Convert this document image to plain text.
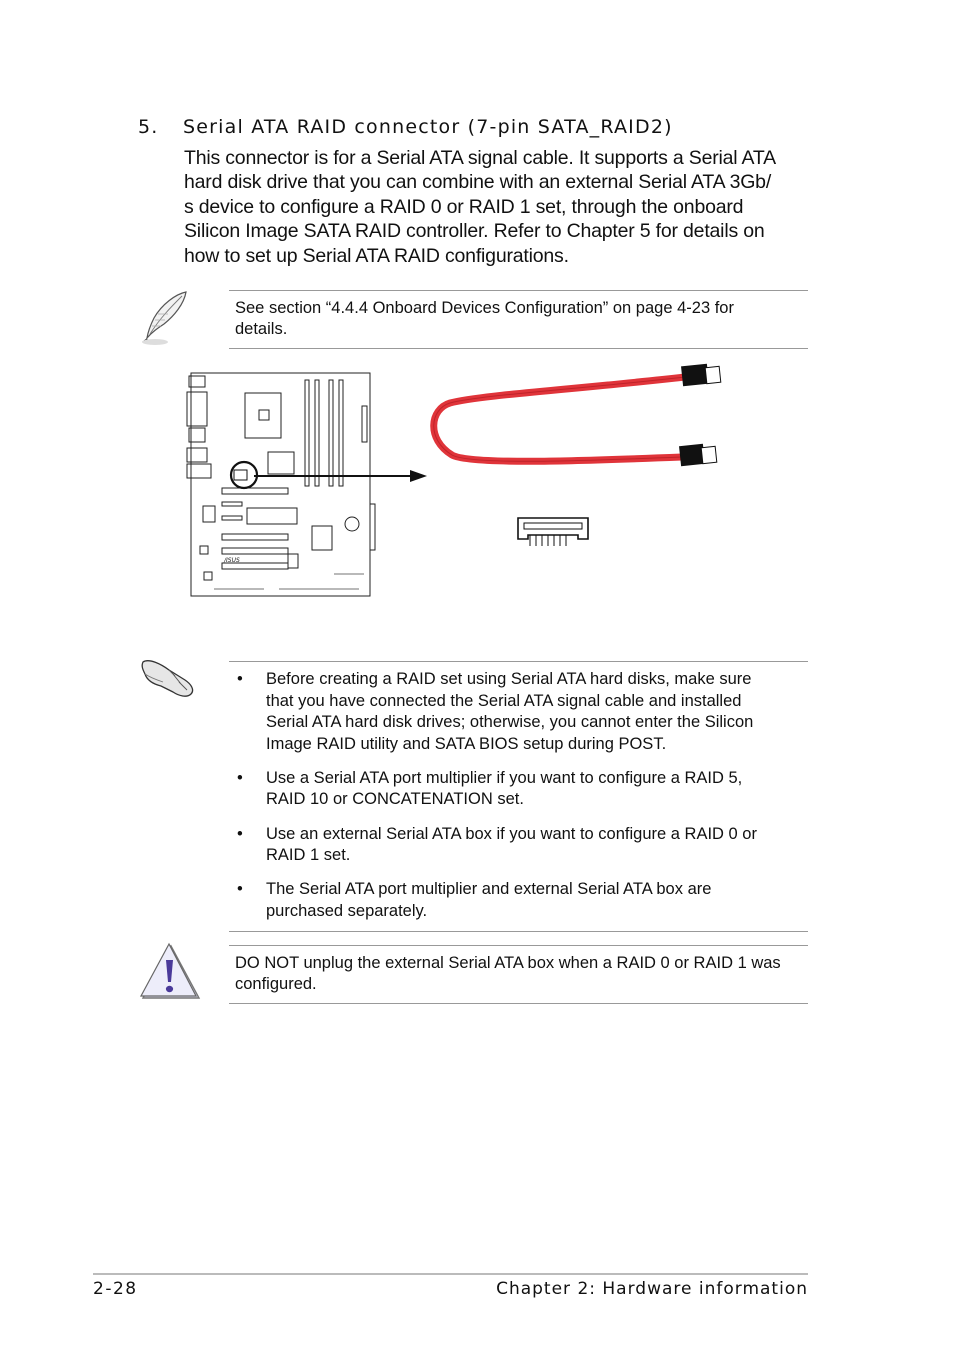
5. Serial ATA RAID connector (7-pin SATA_RAID2)
This connector is for a Serial ATA signal cable. It supports a Serial ATA
hard disk drive that you can combine with an external Serial ATA 3Gb/
s device to configure a RAID 0 or RAID 1 set, through the onboard
Silicon Image SATA RAID controller. Refer to Chapter 5 for details on
how to set up Serial ATA RAID configurations.
See section “4.4.4 Onboard Devices Configuration” on page 4-23 for
details.
/ISUS
• Before creating a RAID set using Serial ATA hard disks, make sure
that you have connected the Serial ATA signal cable and installed
Serial ATA hard disk drives; otherwise, you cannot enter the Silicon
Image RAID utility and SATA BIOS setup during POST.
• Use a Serial ATA port multiplier if you want to configure a RAID 5,
RAID 10 or CONCATENATION set.
• Use an external Serial ATA box if you want to configure a RAID 0 or
RAID 1 set.
• The Serial ATA port multiplier and external Serial ATA box are
purchased separately.
DO NOT unplug the external Serial ATA box when a RAID 0 or RAID 1 was
configured.
2-28	Chapter 2: Hardware information
